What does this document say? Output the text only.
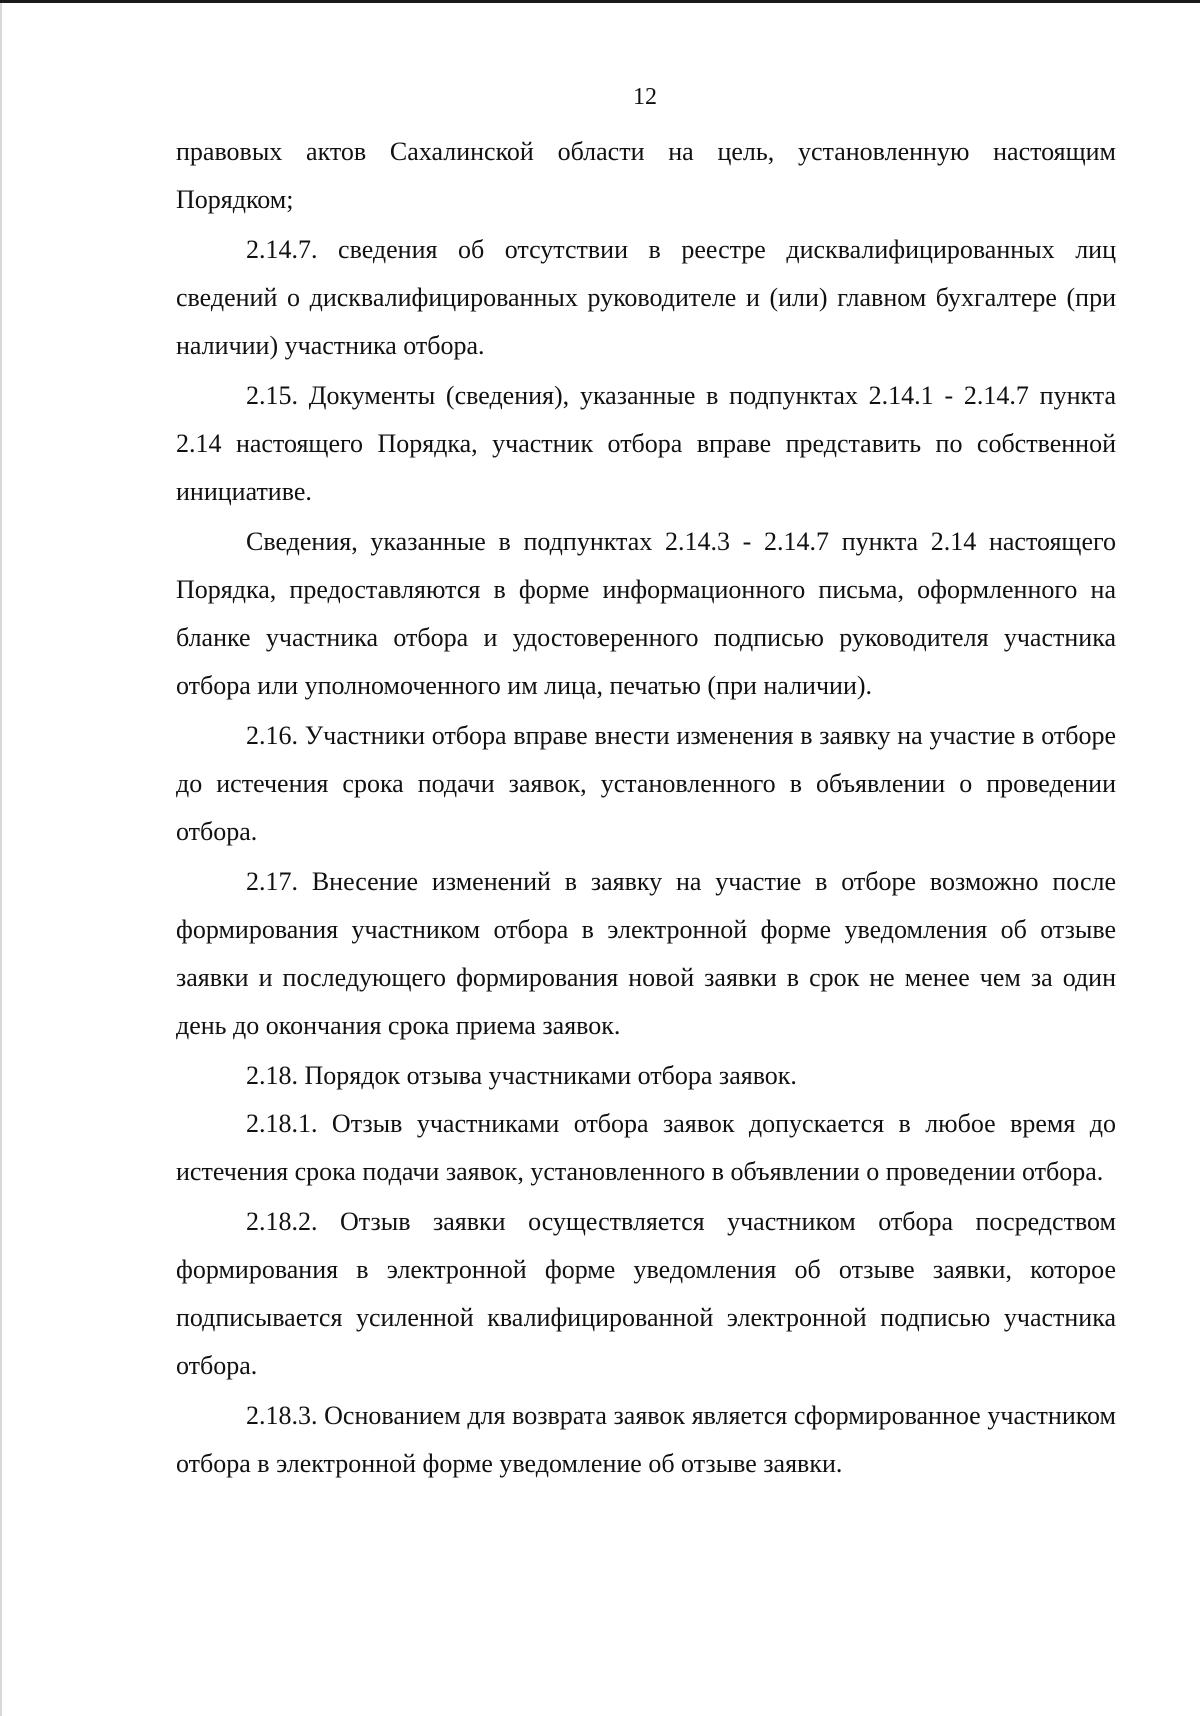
12

правовых актов Сахалинской области на цель, установленную настоящим Порядком;

2.14.7. сведения об отсутствии в реестре дисквалифицированных лиц сведений о дисквалифицированных руководителе и (или) главном бухгалтере (при наличии) участника отбора.

2.15. Документы (сведения), указанные в подпунктах 2.14.1 - 2.14.7 пункта 2.14 настоящего Порядка, участник отбора вправе представить по собственной инициативе.

Сведения, указанные в подпунктах 2.14.3 - 2.14.7 пункта 2.14 настоящего Порядка, предоставляются в форме информационного письма, оформленного на бланке участника отбора и удостоверенного подписью руководителя участника отбора или уполномоченного им лица, печатью (при наличии).

2.16. Участники отбора вправе внести изменения в заявку на участие в отборе до истечения срока подачи заявок, установленного в объявлении о проведении отбора.

2.17. Внесение изменений в заявку на участие в отборе возможно после формирования участником отбора в электронной форме уведомления об отзыве заявки и последующего формирования новой заявки в срок не менее чем за один день до окончания срока приема заявок.

2.18. Порядок отзыва участниками отбора заявок.

2.18.1. Отзыв участниками отбора заявок допускается в любое время до истечения срока подачи заявок, установленного в объявлении о проведении отбора.

2.18.2. Отзыв заявки осуществляется участником отбора посредством формирования в электронной форме уведомления об отзыве заявки, которое подписывается усиленной квалифицированной электронной подписью участника отбора.

2.18.3. Основанием для возврата заявок является сформированное участником отбора в электронной форме уведомление об отзыве заявки.
